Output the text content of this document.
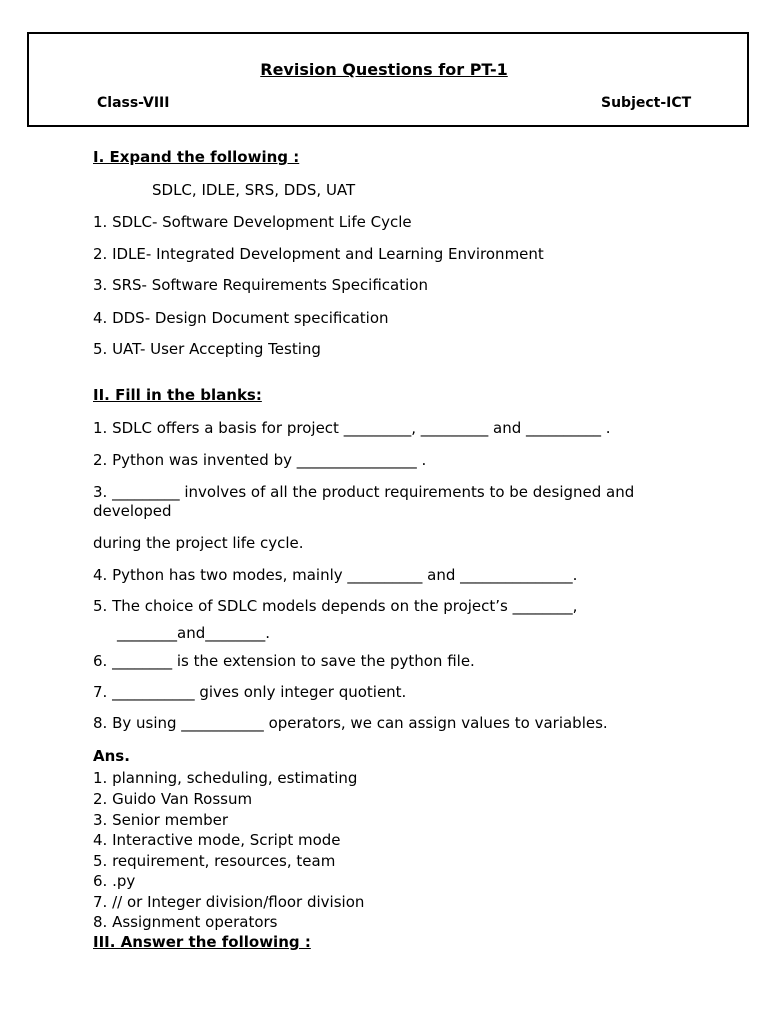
Revision Questions for PT-1
Class-VIII	Subject-ICT
I. Expand the following :
SDLC, IDLE, SRS, DDS, UAT
1. SDLC- Software Development Life Cycle
2. IDLE- Integrated Development and Learning Environment
3. SRS- Software Requirements Specification
4. DDS- Design Document specification
5. UAT- User Accepting Testing
II. Fill in the blanks:
1. SDLC offers a basis for project _________, _________ and __________ .
2. Python was invented by ________________ .
3. _________ involves of all the product requirements to be designed and
developed
during the project life cycle.
4. Python has two modes, mainly __________ and _______________.
5. The choice of SDLC models depends on the project’s ________,
________and________.
6. ________ is the extension to save the python file.
7. ___________ gives only integer quotient.
8. By using ___________ operators, we can assign values to variables.
Ans.
1. planning, scheduling, estimating
2. Guido Van Rossum
3. Senior member
4. Interactive mode, Script mode
5. requirement, resources, team
6. .py
7. // or Integer division/floor division
8. Assignment operators
III. Answer the following :
